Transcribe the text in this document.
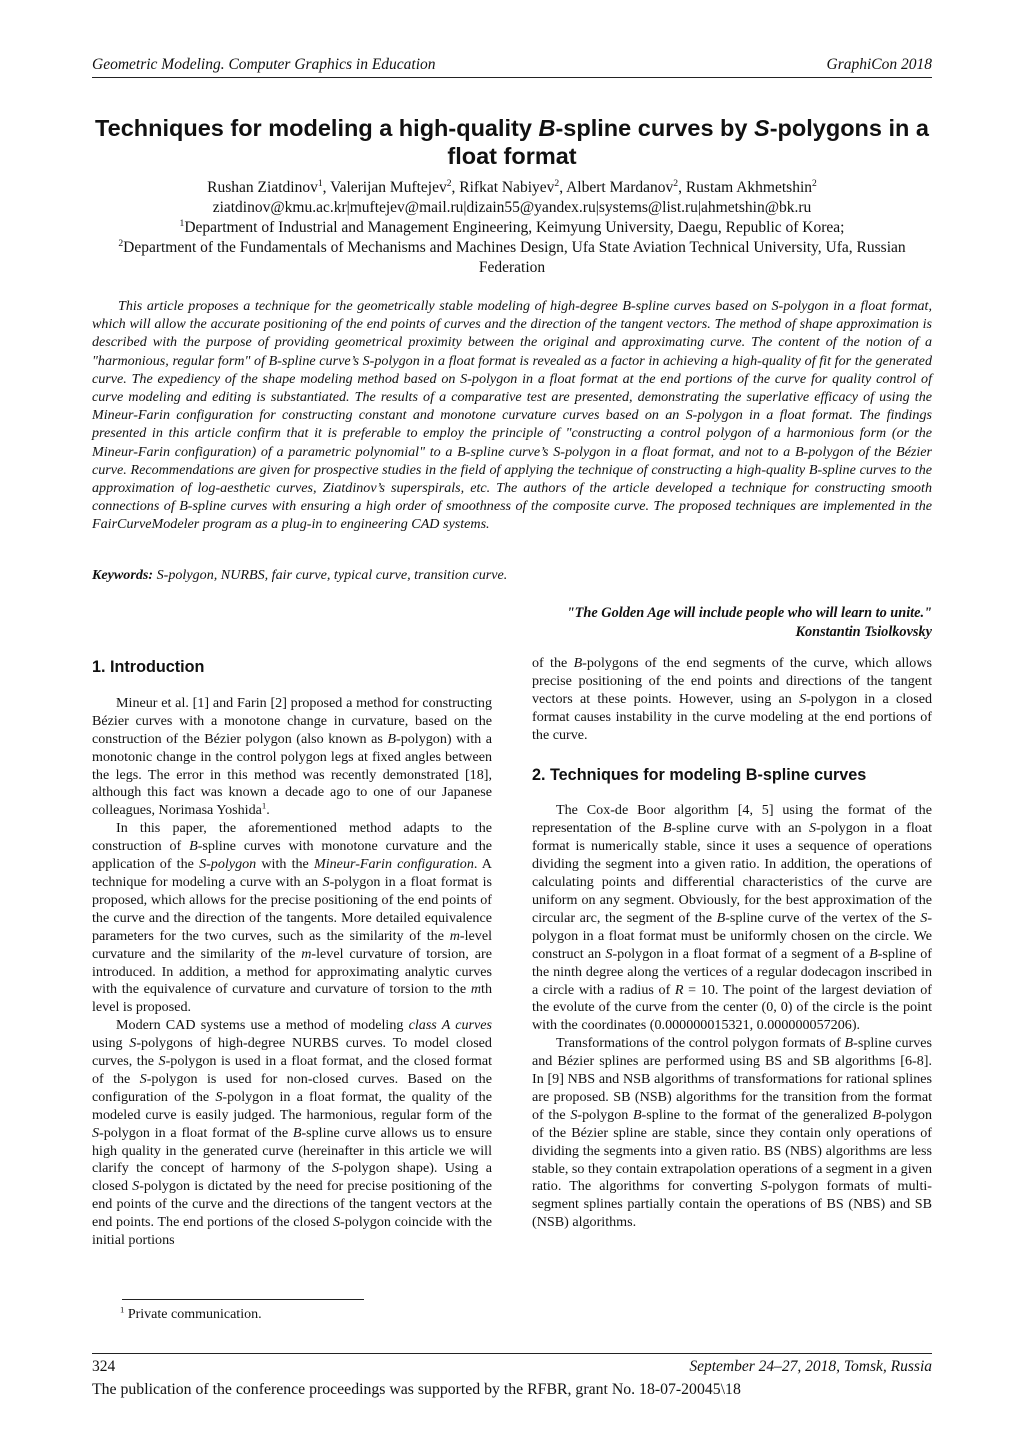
Geometric Modeling. Computer Graphics in Education	GraphiCon 2018
Techniques for modeling a high-quality B-spline curves by S-polygons in a float format
Rushan Ziatdinov$^1$, Valerijan Muftejev$^2$, Rifkat Nabiyev$^2$, Albert Mardanov$^2$, Rustam Akhmetshin$^2$
ziatdinov@kmu.ac.kr|muftejev@mail.ru|dizain55@yandex.ru|systems@list.ru|ahmetshin@bk.ru
$^1$Department of Industrial and Management Engineering, Keimyung University, Daegu, Republic of Korea;
$^2$Department of the Fundamentals of Mechanisms and Machines Design, Ufa State Aviation Technical University, Ufa, Russian Federation

This article proposes a technique for the geometrically stable modeling of high-degree B-spline curves based on S-polygon in a float format, which will allow the accurate positioning of the end points of curves and the direction of the tangent vectors. The method of shape approximation is described with the purpose of providing geometrical proximity between the original and approximating curve. The content of the notion of a "harmonious, regular form" of B-spline curve’s S-polygon in a float format is revealed as a factor in achieving a high-quality of fit for the generated curve. The expediency of the shape modeling method based on S-polygon in a float format at the end portions of the curve for quality control of curve modeling and editing is substantiated. The results of a comparative test are presented, demonstrating the superlative efficacy of using the Mineur-Farin configuration for constructing constant and monotone curvature curves based on an S-polygon in a float format. The findings presented in this article confirm that it is preferable to employ the principle of "constructing a control polygon of a harmonious form (or the Mineur-Farin configuration) of a parametric polynomial" to a B-spline curve’s S-polygon in a float format, and not to a B-polygon of the Bézier curve. Recommendations are given for prospective studies in the field of applying the technique of constructing a high-quality B-spline curves to the approximation of log-aesthetic curves, Ziatdinov’s superspirals, etc. The authors of the article developed a technique for constructing smooth connections of B-spline curves with ensuring a high order of smoothness of the composite curve. The proposed techniques are implemented in the FairCurveModeler program as a plug-in to engineering CAD systems.

Keywords: S-polygon, NURBS, fair curve, typical curve, transition curve.
"The Golden Age will include people who will learn to unite."
Konstantin Tsiolkovsky
1. Introduction

Mineur et al. [1] and Farin [2] proposed a method for constructing Bézier curves with a monotone change in curvature, based on the construction of the Bézier polygon (also known as B-polygon) with a monotonic change in the control polygon legs at fixed angles between the legs. The error in this method was recently demonstrated [18], although this fact was known a decade ago to one of our Japanese colleagues, Norimasa Yoshida$^1$.

In this paper, the aforementioned method adapts to the construction of B-spline curves with monotone curvature and the application of the S-polygon with the Mineur-Farin configuration. A technique for modeling a curve with an S-polygon in a float format is proposed, which allows for the precise positioning of the end points of the curve and the direction of the tangents. More detailed equivalence parameters for the two curves, such as the similarity of the m-level curvature and the similarity of the m-level curvature of torsion, are introduced. In addition, a method for approximating analytic curves with the equivalence of curvature and curvature of torsion to the mth level is proposed.

Modern CAD systems use a method of modeling class A curves using S-polygons of high-degree NURBS curves. To model closed curves, the S-polygon is used in a float format, and the closed format of the S-polygon is used for non-closed curves. Based on the configuration of the S-polygon in a float format, the quality of the modeled curve is easily judged. The harmonious, regular form of the S-polygon in a float format of the B-spline curve allows us to ensure high quality in the generated curve (hereinafter in this article we will clarify the concept of harmony of the S-polygon shape). Using a closed S-polygon is dictated by the need for precise positioning of the end points of the curve and the directions of the tangent vectors at the end points. The end portions of the closed S-polygon coincide with the initial portions

of the B-polygons of the end segments of the curve, which allows precise positioning of the end points and directions of the tangent vectors at these points. However, using an S-polygon in a closed format causes instability in the curve modeling at the end portions of the curve.

2. Techniques for modeling B-spline curves

The Cox-de Boor algorithm [4, 5] using the format of the representation of the B-spline curve with an S-polygon in a float format is numerically stable, since it uses a sequence of operations dividing the segment into a given ratio. In addition, the operations of calculating points and differential characteristics of the curve are uniform on any segment. Obviously, for the best approximation of the circular arc, the segment of the B-spline curve of the vertex of the S-polygon in a float format must be uniformly chosen on the circle. We construct an S-polygon in a float format of a segment of a B-spline of the ninth degree along the vertices of a regular dodecagon inscribed in a circle with a radius of R = 10. The point of the largest deviation of the evolute of the curve from the center (0, 0) of the circle is the point with the coordinates (0.000000015321, 0.000000057206).

Transformations of the control polygon formats of B-spline curves and Bézier splines are performed using BS and SB algorithms [6-8]. In [9] NBS and NSB algorithms of transformations for rational splines are proposed. SB (NSB) algorithms for the transition from the format of the S-polygon B-spline to the format of the generalized B-polygon of the Bézier spline are stable, since they contain only operations of dividing the segments into a given ratio. BS (NBS) algorithms are less stable, so they contain extrapolation operations of a segment in a given ratio. The algorithms for converting S-polygon formats of multi-segment splines partially contain the operations of BS (NBS) and SB (NSB) algorithms.

$^1$ Private communication.
324	September 24–27, 2018, Tomsk, Russia
The publication of the conference proceedings was supported by the RFBR, grant No. 18-07-20045\18
